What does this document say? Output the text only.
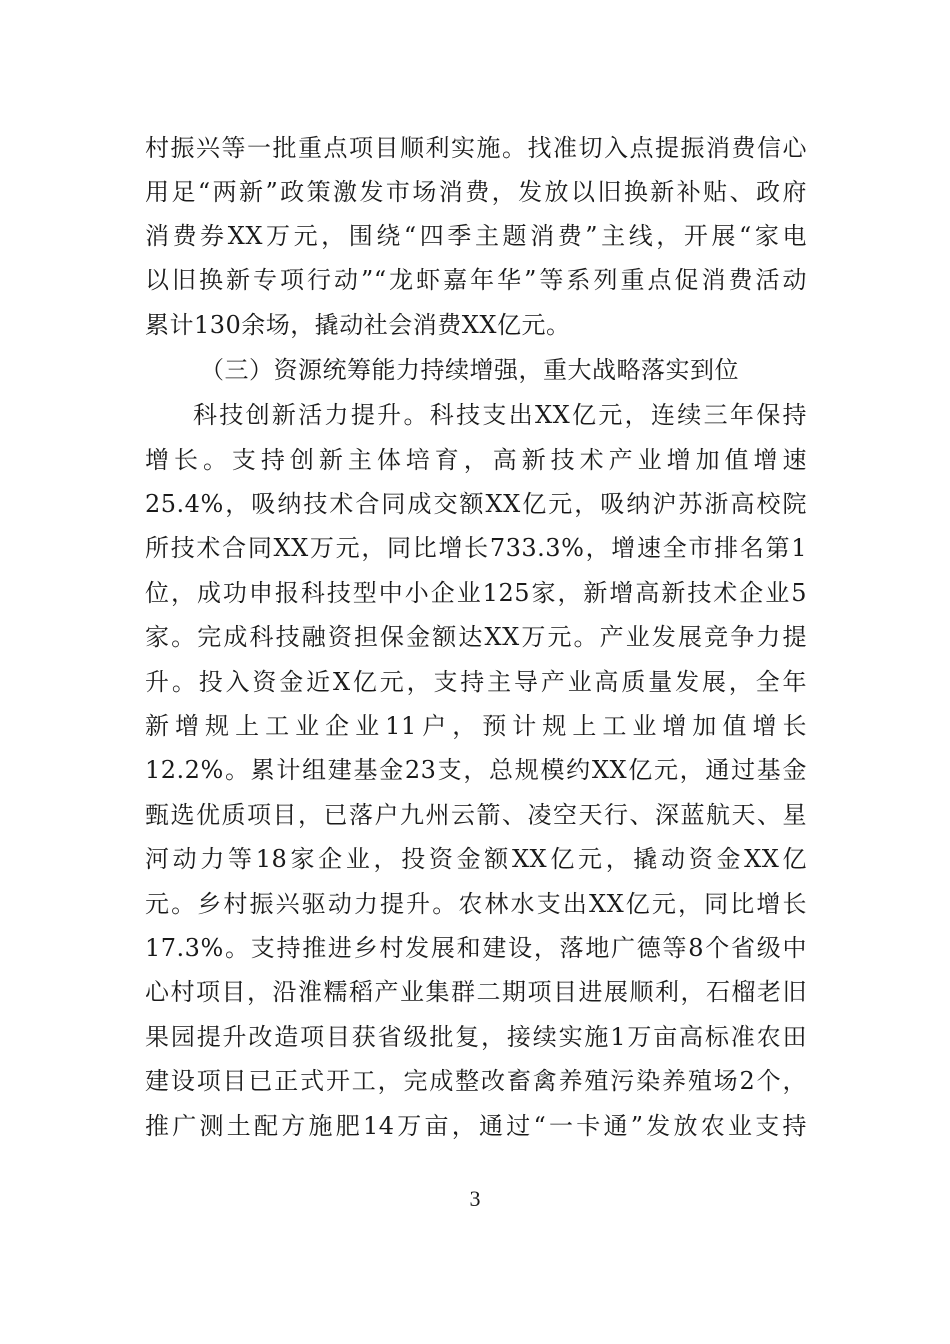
村振兴等一批重点项目顺利实施。找准切入点提振消费信心
用足“两新”政策激发市场消费，发放以旧换新补贴、政府
消费券XX万元，围绕“四季主题消费”主线，开展“家电
以旧换新专项行动”“龙虾嘉年华”等系列重点促消费活动
累计130余场，撬动社会消费XX亿元。
（三）资源统筹能力持续增强，重大战略落实到位
科技创新活力提升。科技支出XX亿元，连续三年保持
增长。支持创新主体培育，高新技术产业增加值增速
25.4%，吸纳技术合同成交额XX亿元，吸纳沪苏浙高校院
所技术合同XX万元，同比增长733.3%，增速全市排名第1
位，成功申报科技型中小企业125家，新增高新技术企业5
家。完成科技融资担保金额达XX万元。产业发展竞争力提
升。投入资金近X亿元，支持主导产业高质量发展，全年
新增规上工业企业11户，预计规上工业增加值增长
12.2%。累计组建基金23支，总规模约XX亿元，通过基金
甄选优质项目，已落户九州云箭、凌空天行、深蓝航天、星
河动力等18家企业，投资金额XX亿元，撬动资金XX亿
元。乡村振兴驱动力提升。农林水支出XX亿元，同比增长
17.3%。支持推进乡村发展和建设，落地广德等8个省级中
心村项目，沿淮糯稻产业集群二期项目进展顺利，石榴老旧
果园提升改造项目获省级批复，接续实施1万亩高标准农田
建设项目已正式开工，完成整改畜禽养殖污染养殖场2个，
推广测土配方施肥14万亩，通过“一卡通”发放农业支持
3
